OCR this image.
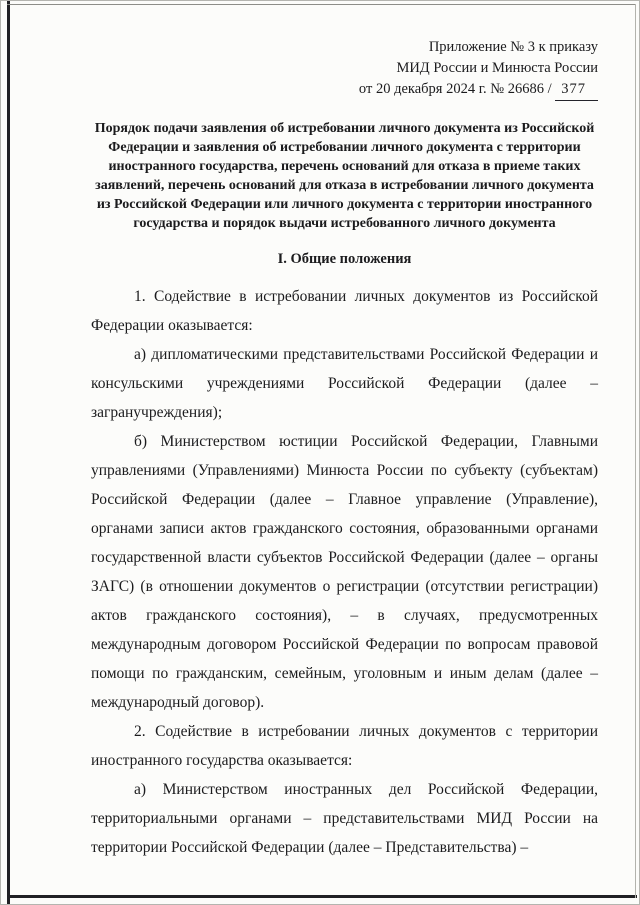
Приложение № 3 к приказу
МИД России и Минюста России
от 20 декабря 2024 г. № 26686 / 377
Порядок подачи заявления об истребовании личного документа из Российской Федерации и заявления об истребовании личного документа с территории иностранного государства, перечень оснований для отказа в приеме таких заявлений, перечень оснований для отказа в истребовании личного документа из Российской Федерации или личного документа с территории иностранного государства и порядок выдачи истребованного личного документа
I. Общие положения

1. Содействие в истребовании личных документов из Российской Федерации оказывается:

а) дипломатическими представительствами Российской Федерации и консульскими учреждениями Российской Федерации (далее – загранучреждения);

б) Министерством юстиции Российской Федерации, Главными управлениями (Управлениями) Минюста России по субъекту (субъектам) Российской Федерации (далее – Главное управление (Управление), органами записи актов гражданского состояния, образованными органами государственной власти субъектов Российской Федерации (далее – органы ЗАГС) (в отношении документов о регистрации (отсутствии регистрации) актов гражданского состояния), – в случаях, предусмотренных международным договором Российской Федерации по вопросам правовой помощи по гражданским, семейным, уголовным и иным делам (далее – международный договор).

2. Содействие в истребовании личных документов с территории иностранного государства оказывается:

а) Министерством иностранных дел Российской Федерации, территориальными органами – представительствами МИД России на территории Российской Федерации (далее – Представительства) –
